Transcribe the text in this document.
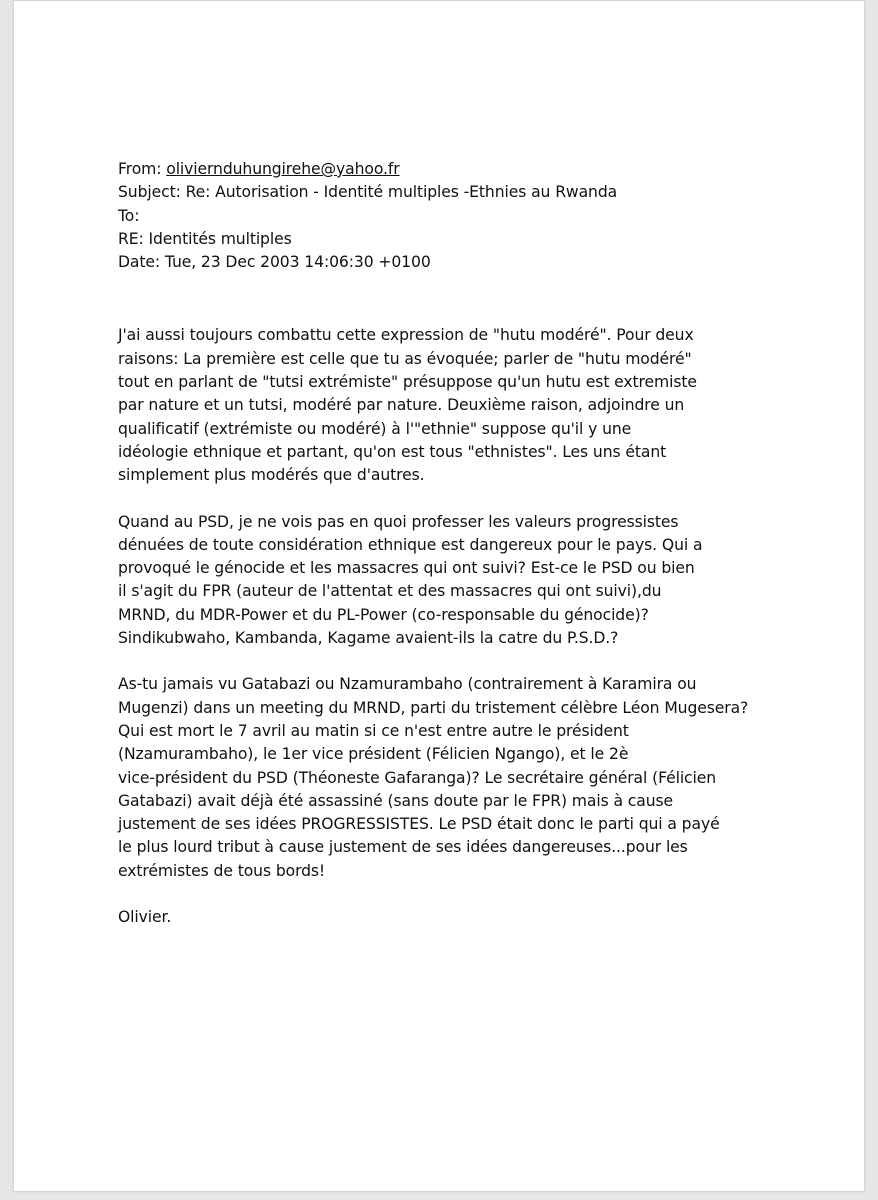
From: oliviernduhungirehe@yahoo.fr
Subject: Re: Autorisation - Identité multiples -Ethnies au Rwanda
To:
RE: Identités multiples
Date: Tue, 23 Dec 2003 14:06:30 +0100
J'ai aussi toujours combattu cette expression de "hutu modéré". Pour deux
raisons: La première est celle que tu as évoquée; parler de "hutu modéré"
tout en parlant de "tutsi extrémiste" présuppose qu'un hutu est extremiste
par nature et un tutsi, modéré par nature. Deuxième raison, adjoindre un
qualificatif (extrémiste ou modéré) à l'"ethnie" suppose qu'il y une
idéologie ethnique et partant, qu'on est tous "ethnistes". Les uns étant
simplement plus modérés que d'autres.
Quand au PSD, je ne vois pas en quoi professer les valeurs progressistes
dénuées de toute considération ethnique est dangereux pour le pays. Qui a
provoqué le génocide et les massacres qui ont suivi? Est-ce le PSD ou bien
il s'agit du FPR (auteur de l'attentat et des massacres qui ont suivi),du
MRND, du MDR-Power et du PL-Power (co-responsable du génocide)?
Sindikubwaho, Kambanda, Kagame avaient-ils la catre du P.S.D.?
As-tu jamais vu Gatabazi ou Nzamurambaho (contrairement à Karamira ou
Mugenzi) dans un meeting du MRND, parti du tristement célèbre Léon Mugesera?
Qui est mort le 7 avril au matin si ce n'est entre autre le président
(Nzamurambaho), le 1er vice président (Félicien Ngango), et le 2è
vice-président du PSD (Théoneste Gafaranga)? Le secrétaire général (Félicien
Gatabazi) avait déjà été assassiné (sans doute par le FPR) mais à cause
justement de ses idées PROGRESSISTES. Le PSD était donc le parti qui a payé
le plus lourd tribut à cause justement de ses idées dangereuses...pour les
extrémistes de tous bords!
Olivier.
